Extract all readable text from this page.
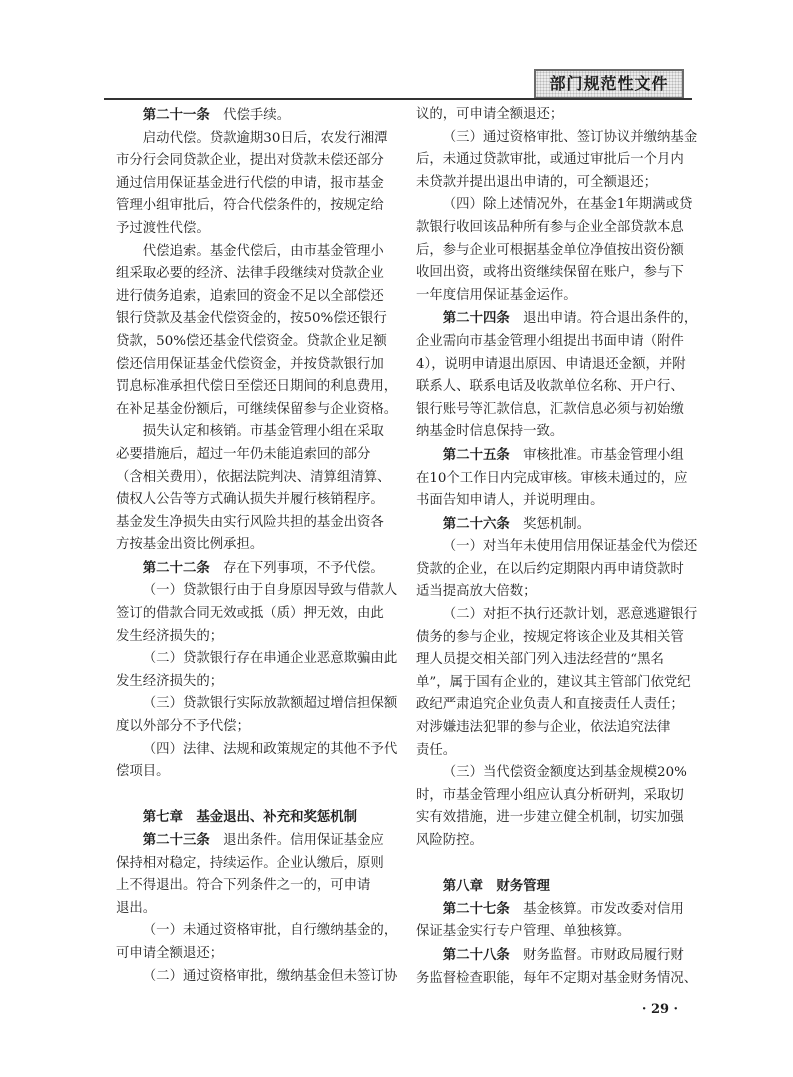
部门规范性文件

第二十一条　 代偿手续。

启动代偿。贷款逾期30日后，农发行湘潭

市分行会同贷款企业，提出对贷款未偿还部分

通过信用保证基金进行代偿的申请，报市基金

管理小组审批后，符合代偿条件的，按规定给

予过渡性代偿。

代偿追索。基金代偿后，由市基金管理小

组采取必要的经济、法律手段继续对贷款企业

进行债务追索，追索回的资金不足以全部偿还

银行贷款及基金代偿资金的，按50%偿还银行

贷款，50%偿还基金代偿资金。贷款企业足额

偿还信用保证基金代偿资金，并按贷款银行加

罚息标准承担代偿日至偿还日期间的利息费用，

在补足基金份额后，可继续保留参与企业资格。

损失认定和核销。市基金管理小组在采取

必要措施后，超过一年仍未能追索回的部分

（含相关费用），依据法院判决、清算组清算、

债权人公告等方式确认损失并履行核销程序。

基金发生净损失由实行风险共担的基金出资各

方按基金出资比例承担。

第二十二条　 存在下列事项，不予代偿。

（一）贷款银行由于自身原因导致与借款人

签订的借款合同无效或抵（质）押无效，由此

发生经济损失的；

（二）贷款银行存在串通企业恶意欺骗由此

发生经济损失的；

（三）贷款银行实际放款额超过增信担保额

度以外部分不予代偿；

（四）法律、法规和政策规定的其他不予代

偿项目。

第七章　基金退出、补充和奖惩机制

第二十三条　 退出条件。信用保证基金应

保持相对稳定，持续运作。企业认缴后，原则

上不得退出。符合下列条件之一的，可申请

退出。

（一）未通过资格审批，自行缴纳基金的，

可申请全额退还；

（二）通过资格审批，缴纳基金但未签订协

议的，可申请全额退还；

（三）通过资格审批、签订协议并缴纳基金

后，未通过贷款审批，或通过审批后一个月内

未贷款并提出退出申请的，可全额退还；

（四）除上述情况外，在基金1年期满或贷

款银行收回该品种所有参与企业全部贷款本息

后，参与企业可根据基金单位净值按出资份额

收回出资，或将出资继续保留在账户，参与下

一年度信用保证基金运作。

第二十四条　 退出申请。符合退出条件的，

企业需向市基金管理小组提出书面申请（附件

4），说明申请退出原因、申请退还金额，并附

联系人、联系电话及收款单位名称、开户行、

银行账号等汇款信息，汇款信息必须与初始缴

纳基金时信息保持一致。

第二十五条　 审核批准。市基金管理小组

在10个工作日内完成审核。审核未通过的，应

书面告知申请人，并说明理由。

第二十六条　 奖惩机制。

（一）对当年未使用信用保证基金代为偿还

贷款的企业，在以后约定期限内再申请贷款时

适当提高放大倍数；

（二）对拒不执行还款计划，恶意逃避银行

债务的参与企业，按规定将该企业及其相关管

理人员提交相关部门列入违法经营的“黑名

单”，属于国有企业的，建议其主管部门依党纪

政纪严肃追究企业负责人和直接责任人责任；

对涉嫌违法犯罪的参与企业，依法追究法律

责任。

（三）当代偿资金额度达到基金规模20%

时，市基金管理小组应认真分析研判，采取切

实有效措施，进一步建立健全机制，切实加强

风险防控。

第八章　财务管理

第二十七条　 基金核算。市发改委对信用

保证基金实行专户管理、单独核算。

第二十八条　 财务监督。市财政局履行财

务监督检查职能，每年不定期对基金财务情况、

· 29 ·
